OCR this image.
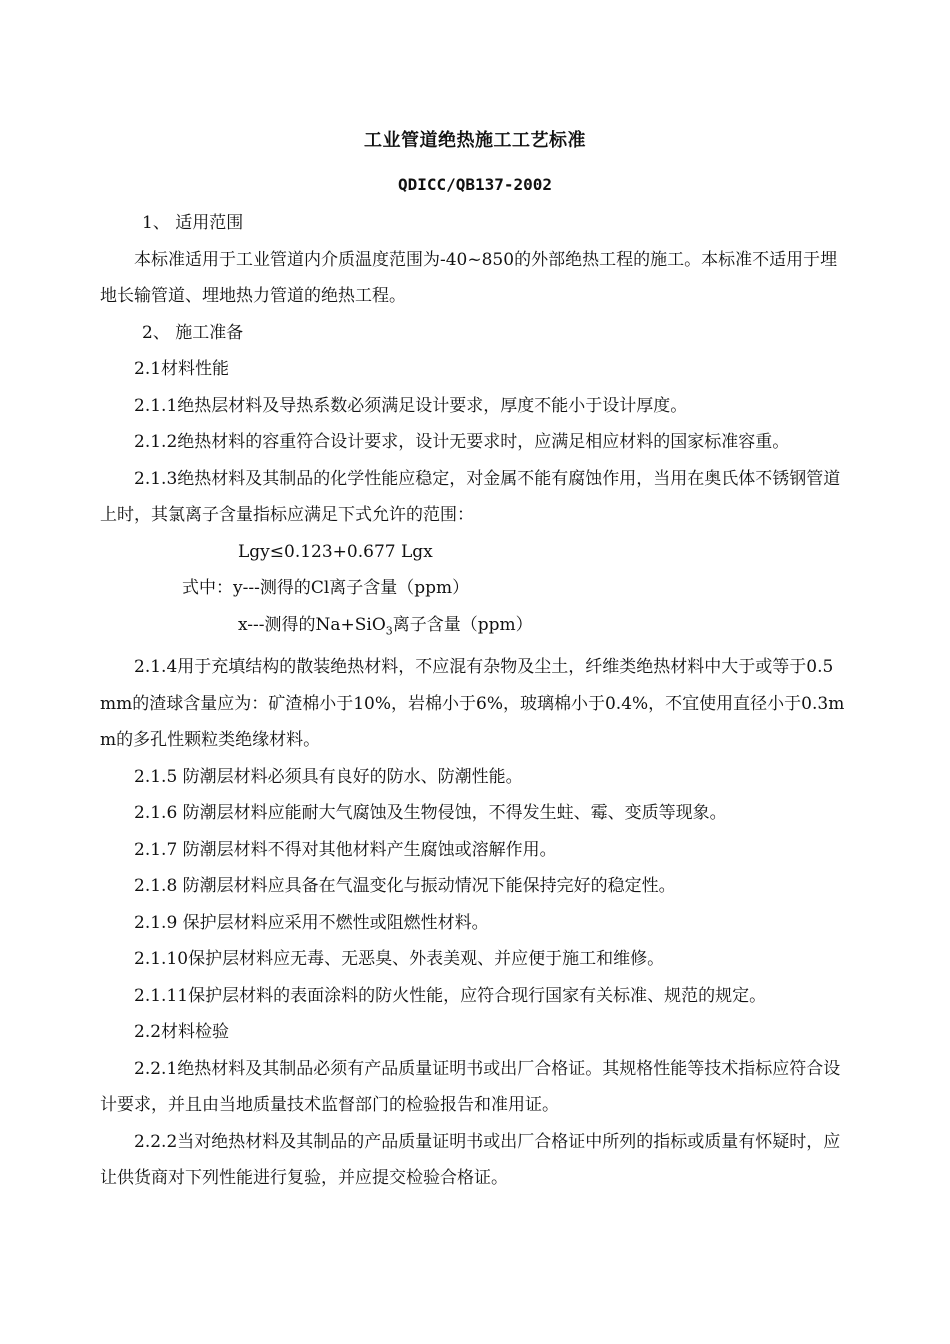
工业管道绝热施工工艺标准
QDICC/QB137-2002

1、 适用范围

本标准适用于工业管道内介质温度范围为-40~850的外部绝热工程的施工。本标准不适用于埋地长输管道、埋地热力管道的绝热工程。

2、 施工准备

2.1材料性能

2.1.1绝热层材料及导热系数必须满足设计要求，厚度不能小于设计厚度。

2.1.2绝热材料的容重符合设计要求，设计无要求时，应满足相应材料的国家标准容重。

2.1.3绝热材料及其制品的化学性能应稳定，对金属不能有腐蚀作用，当用在奥氏体不锈钢管道上时，其氯离子含量指标应满足下式允许的范围：

Lgy≤0.123+0.677 Lgx

式中：y---测得的Cl离子含量（ppm）

x---测得的Na+SiO$_3$离子含量（ppm）

2.1.4用于充填结构的散装绝热材料，不应混有杂物及尘土，纤维类绝热材料中大于或等于0.5mm的渣球含量应为：矿渣棉小于10%，岩棉小于6%，玻璃棉小于0.4%，不宜使用直径小于0.3mm的多孔性颗粒类绝缘材料。

2.1.5 防潮层材料必须具有良好的防水、防潮性能。

2.1.6 防潮层材料应能耐大气腐蚀及生物侵蚀，不得发生蛀、霉、变质等现象。

2.1.7 防潮层材料不得对其他材料产生腐蚀或溶解作用。

2.1.8 防潮层材料应具备在气温变化与振动情况下能保持完好的稳定性。

2.1.9 保护层材料应采用不燃性或阻燃性材料。

2.1.10保护层材料应无毒、无恶臭、外表美观、并应便于施工和维修。

2.1.11保护层材料的表面涂料的防火性能，应符合现行国家有关标准、规范的规定。

2.2材料检验

2.2.1绝热材料及其制品必须有产品质量证明书或出厂合格证。其规格性能等技术指标应符合设计要求，并且由当地质量技术监督部门的检验报告和准用证。

2.2.2当对绝热材料及其制品的产品质量证明书或出厂合格证中所列的指标或质量有怀疑时，应让供货商对下列性能进行复验，并应提交检验合格证。
